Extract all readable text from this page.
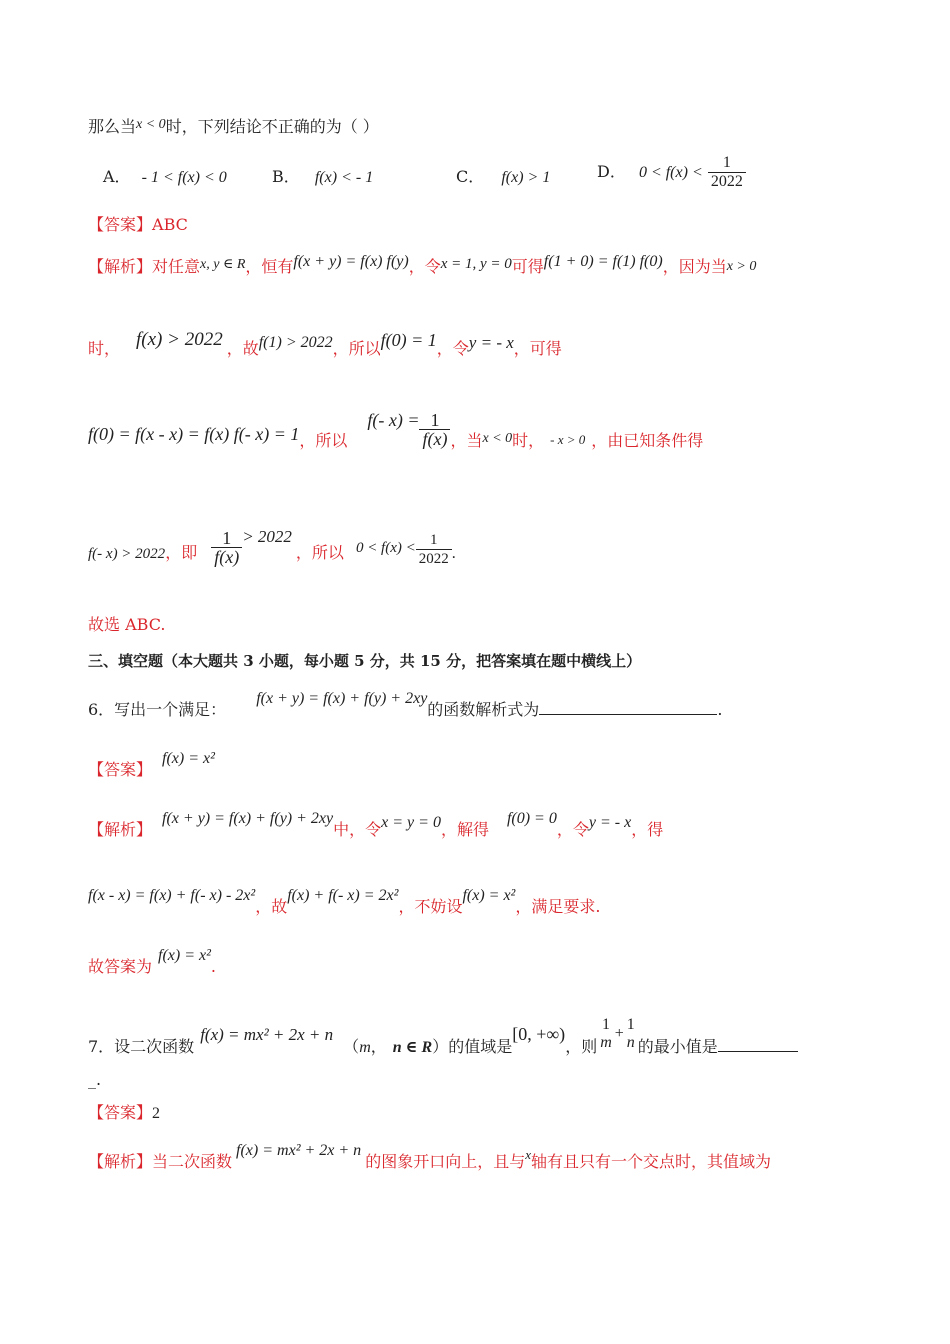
那么当x < 0时，下列结论不正确的为（ ）
A． - 1 < f(x) < 0	B． f(x) < - 1	C． f(x) > 1	D． $0 < f(x) < \frac{1}{2022}$
【答案】ABC
【解析】对任意x, y ∈ R，恒有f(x + y) = f(x) f(y)，令x = 1, y = 0可得f(1 + 0) = f(1) f(0)，因为当x > 0
时， f(x) > 2022 ，故f(1) > 2022，所以f(0) = 1，令y = - x，可得
f(0) = f(x - x) = f(x) f(- x) = 1，所以f(- $x) = \frac{1}{f(x)}$ ，当x < 0时， - x > 0 ，由已知条件得
f(- x) > 2022，即 $\frac{1}{f(x)} > 2022$，所以 $0 < f(x) < \frac{1}{2022}$ .
故选 ABC.
三、填空题（本大题共 3 小题，每小题 5 分，共 15 分，把答案填在题中横线上）
6．写出一个满足：f(x + y) = f(x) + f(y) + 2xy的函数解析式为	.
【答案】f(x) = x²
【解析】f(x + y) = f(x) + f(y) + 2xy中，令x = y = 0，解得f(0) = 0，令y = - x，得
f(x - x) = f(x) + f(- x) - 2x²，故f(x) + f(- x) = 2x²，不妨设f(x) = x²，满足要求.
故答案为f(x) = x².
7．设二次函数f(x) = mx² + 2x + n（m， n ∈ R）的值域是[0, +∞)，则
1
m +
1
n 的最小值是
_.
【答案】2
【解析】当二次函数f(x) = mx² + 2x + n的图象开口向上，且与$^x$轴有且只有一个交点时，其值域为
